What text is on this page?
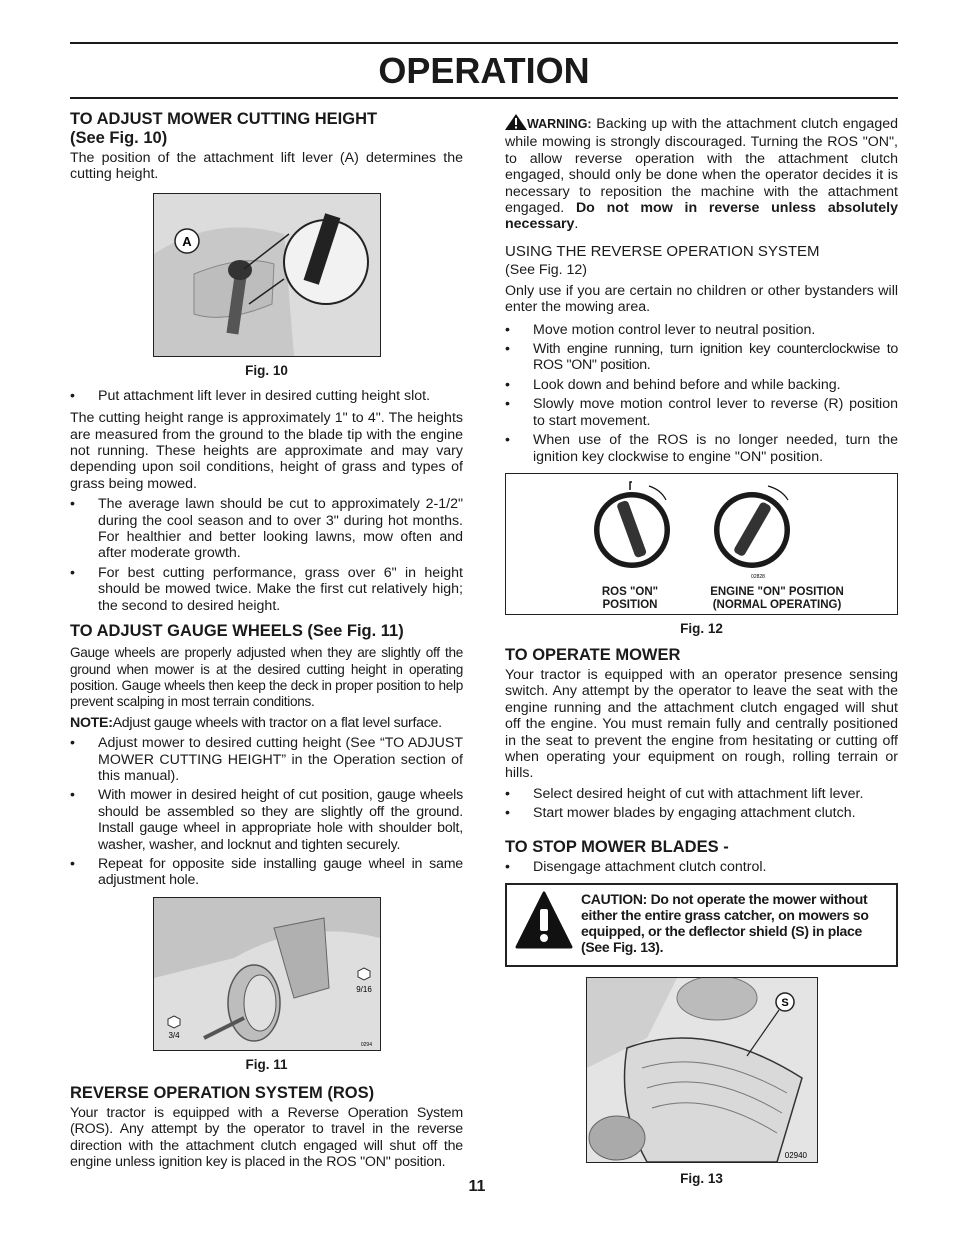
OPERATION
TO ADJUST MOWER CUTTING HEIGHT
(See Fig. 10)

The position of the attachment lift lever (A) determines the cutting height.

A
Fig. 10
• Put attachment lift lever in desired cutting height slot.

The cutting height range is approximately 1" to 4". The heights are measured from the ground to the blade tip with the engine not running. These heights are approximate and may vary depending upon soil conditions, height of grass and types of grass being mowed.

• The average lawn should be cut to approximately 2-1/2" during the cool season and to over 3" during hot months. For healthier and better looking lawns, mow often and after moderate growth.
• For best cutting performance, grass over 6" in height should be mowed twice. Make the first cut relatively high; the second to desired height.
TO ADJUST GAUGE WHEELS (See Fig. 11)

Gauge wheels are properly adjusted when they are slightly off the ground when mower is at the desired cutting height in operating position. Gauge wheels then keep the deck in proper position to help prevent scalping in most terrain conditions.

NOTE:Adjust gauge wheels with tractor on a flat level surface.

• Adjust mower to desired cutting height (See “TO ADJUST MOWER CUTTING HEIGHT” in the Operation section of this manual).
• With mower in desired height of cut position, gauge wheels should be assembled so they are slightly off the ground. Install gauge wheel in appropriate hole with shoulder bolt, washer, washer, and locknut and tighten securely.
• Repeat for opposite side installing gauge wheel in same adjustment hole.
9/16
3/4
0294
Fig. 11
REVERSE OPERATION SYSTEM (ROS)

Your tractor is equipped with a Reverse Operation System (ROS). Any attempt by the operator to travel in the reverse direction with the attachment clutch engaged will shut off the engine unless ignition key is placed in the ROS "ON" position.

WARNING: Backing up with the attachment clutch engaged while mowing is strongly discouraged. Turning the ROS "ON", to allow reverse operation with the attachment clutch engaged, should only be done when the operator decides it is necessary to reposition the machine with the attachment engaged. Do not mow in reverse unless absolutely necessary.

USING THE REVERSE OPERATION SYSTEM
(See Fig. 12)

Only use if you are certain no children or other bystanders will enter the mowing area.

• Move motion control lever to neutral position.
• With engine running, turn ignition key counterclockwise to ROS "ON" position.
• Look down and behind before and while backing.
• Slowly move motion control lever to reverse (R) position to start movement.
• When use of the ROS is no longer needed, turn the ignition key clockwise to engine "ON" position.
02828
ROS "ON"
POSITION
ENGINE "ON" POSITION
(NORMAL OPERATING)
Fig. 12
TO OPERATE MOWER

Your tractor is equipped with an operator presence sensing switch. Any attempt by the operator to leave the seat with the engine running and the attachment clutch engaged will shut off the engine. You must remain fully and centrally positioned in the seat to prevent the engine from hesitating or cutting off when operating your equipment on rough, rolling terrain or hills.

• Select desired height of cut with attachment lift lever.
• Start mower blades by engaging attachment clutch.
TO STOP MOWER BLADES -
• Disengage attachment clutch control.

CAUTION: Do not operate the mower without either the entire grass catcher, on mowers so equipped, or the deflector shield (S) in place (See Fig. 13).

S
02940
Fig. 13
11
